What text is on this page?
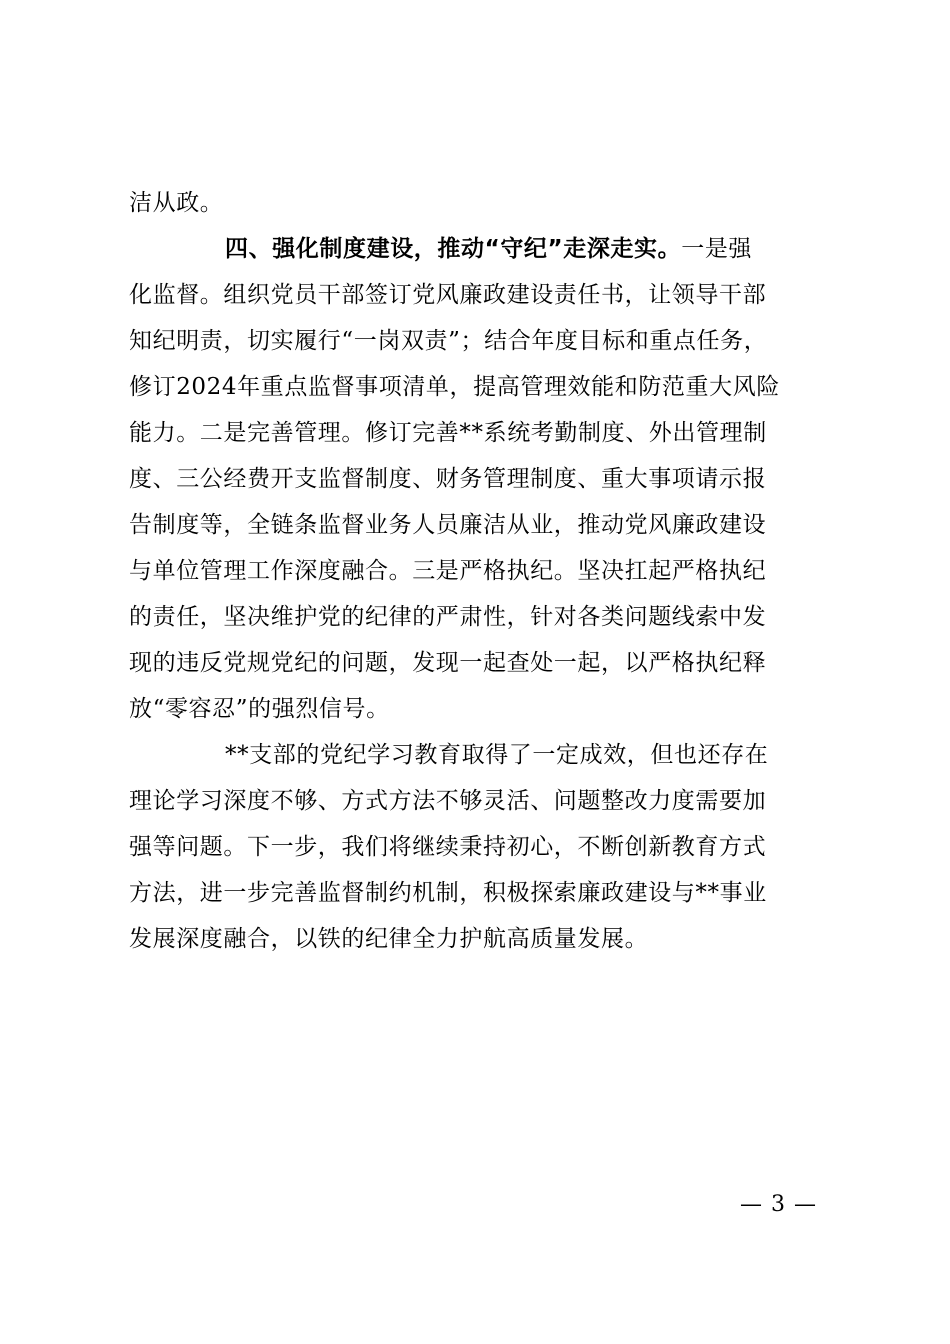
洁从政。
四、强化制度建设，推动“守纪”走深走实。一是强
化监督。组织党员干部签订党风廉政建设责任书，让领导干部
知纪明责，切实履行“一岗双责”；结合年度目标和重点任务，
修订2024年重点监督事项清单，提高管理效能和防范重大风险
能力。二是完善管理。修订完善**系统考勤制度、外出管理制
度、三公经费开支监督制度、财务管理制度、重大事项请示报
告制度等，全链条监督业务人员廉洁从业，推动党风廉政建设
与单位管理工作深度融合。三是严格执纪。坚决扛起严格执纪
的责任，坚决维护党的纪律的严肃性，针对各类问题线索中发
现的违反党规党纪的问题，发现一起查处一起，以严格执纪释
放“零容忍”的强烈信号。
**支部的党纪学习教育取得了一定成效，但也还存在
理论学习深度不够、方式方法不够灵活、问题整改力度需要加
强等问题。下一步，我们将继续秉持初心，不断创新教育方式
方法，进一步完善监督制约机制，积极探索廉政建设与**事业
发展深度融合，以铁的纪律全力护航高质量发展。
— 3 —
